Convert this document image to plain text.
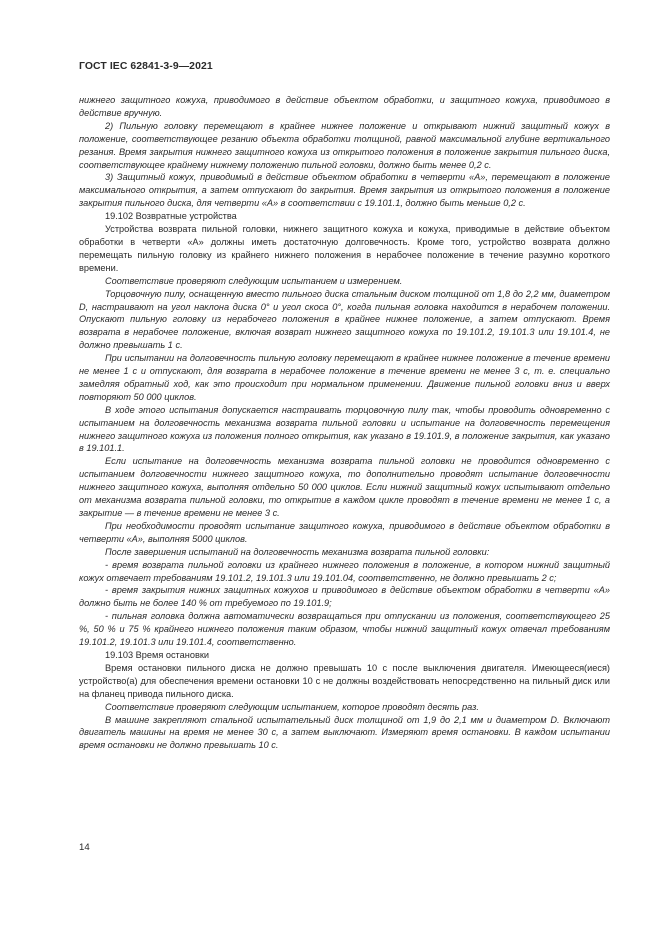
ГОСТ IEC 62841-3-9—2021

нижнего защитного кожуха, приводимого в действие объектом обработки, и защитного кожуха, приводимого в действие вручную.

2) Пильную головку перемещают в крайнее нижнее положение и открывают нижний защитный кожух в положение, соответствующее резанию объекта обработки толщиной, равной максимальной глубине вертикального резания. Время закрытия нижнего защитного кожуха из открытого положения в положение закрытия пильного диска, соответствующее крайнему нижнему положению пильной головки, должно быть менее 0,2 с.

3) Защитный кожух, приводимый в действие объектом обработки в четверти «А», перемещают в положение максимального открытия, а затем отпускают до закрытия. Время закрытия из открытого положения в положение закрытия пильного диска, для четверти «А» в соответствии с 19.101.1, должно быть меньше 0,2 с.

19.102 Возвратные устройства

Устройства возврата пильной головки, нижнего защитного кожуха и кожуха, приводимые в действие объектом обработки в четверти «А» должны иметь достаточную долговечность. Кроме того, устройство возврата должно перемещать пильную головку из крайнего нижнего положения в нерабочее положение в течение разумно короткого времени.

Соответствие проверяют следующим испытанием и измерением.

Торцовочную пилу, оснащенную вместо пильного диска стальным диском толщиной от 1,8 до 2,2 мм, диаметром D, настраивают на угол наклона диска 0° и угол скоса 0°, когда пильная головка находится в нерабочем положении. Опускают пильную головку из нерабочего положения в крайнее нижнее положение, а затем отпускают. Время возврата в нерабочее положение, включая возврат нижнего защитного кожуха по 19.101.2, 19.101.3 или 19.101.4, не должно превышать 1 с.

При испытании на долговечность пильную головку перемещают в крайнее нижнее положение в течение времени не менее 1 с и отпускают, для возврата в нерабочее положение в течение времени не менее 3 с, т. е. специально замедляя обратный ход, как это происходит при нормальном применении. Движение пильной головки вниз и вверх повторяют 50 000 циклов.

В ходе этого испытания допускается настраивать торцовочную пилу так, чтобы проводить одновременно с испытанием на долговечность механизма возврата пильной головки и испытание на долговечность перемещения нижнего защитного кожуха из положения полного открытия, как указано в 19.101.9, в положение закрытия, как указано в 19.101.1.

Если испытание на долговечность механизма возврата пильной головки не проводится одновременно с испытанием долговечности нижнего защитного кожуха, то дополнительно проводят испытание долговечности нижнего защитного кожуха, выполняя отдельно 50 000 циклов. Если нижний защитный кожух испытывают отдельно от механизма возврата пильной головки, то открытие в каждом цикле проводят в течение времени не менее 1 с, а закрытие — в течение времени не менее 3 с.

При необходимости проводят испытание защитного кожуха, приводимого в действие объектом обработки в четверти «А», выполняя 5000 циклов.

После завершения испытаний на долговечность механизма возврата пильной головки:

- время возврата пильной головки из крайнего нижнего положения в положение, в котором нижний защитный кожух отвечает требованиям 19.101.2, 19.101.3 или 19.101.04, соответственно, не должно превышать 2 с;

- время закрытия нижних защитных кожухов и приводимого в действие объектом обработки в четверти «А» должно быть не более 140 % от требуемого по 19.101.9;

- пильная головка должна автоматически возвращаться при отпускании из положения, соответствующего 25 %, 50 % и 75 % крайнего нижнего положения таким образом, чтобы нижний защитный кожух отвечал требованиям 19.101.2, 19.101.3 или 19.101.4, соответственно.

19.103 Время остановки

Время остановки пильного диска не должно превышать 10 с после выключения двигателя. Имеющееся(иеся) устройство(а) для обеспечения времени остановки 10 с не должны воздействовать непосредственно на пильный диск или на фланец привода пильного диска.

Соответствие проверяют следующим испытанием, которое проводят десять раз.

В машине закрепляют стальной испытательный диск толщиной от 1,9 до 2,1 мм и диаметром D. Включают двигатель машины на время не менее 30 с, а затем выключают. Измеряют время остановки. В каждом испытании время остановки не должно превышать 10 с.

14
